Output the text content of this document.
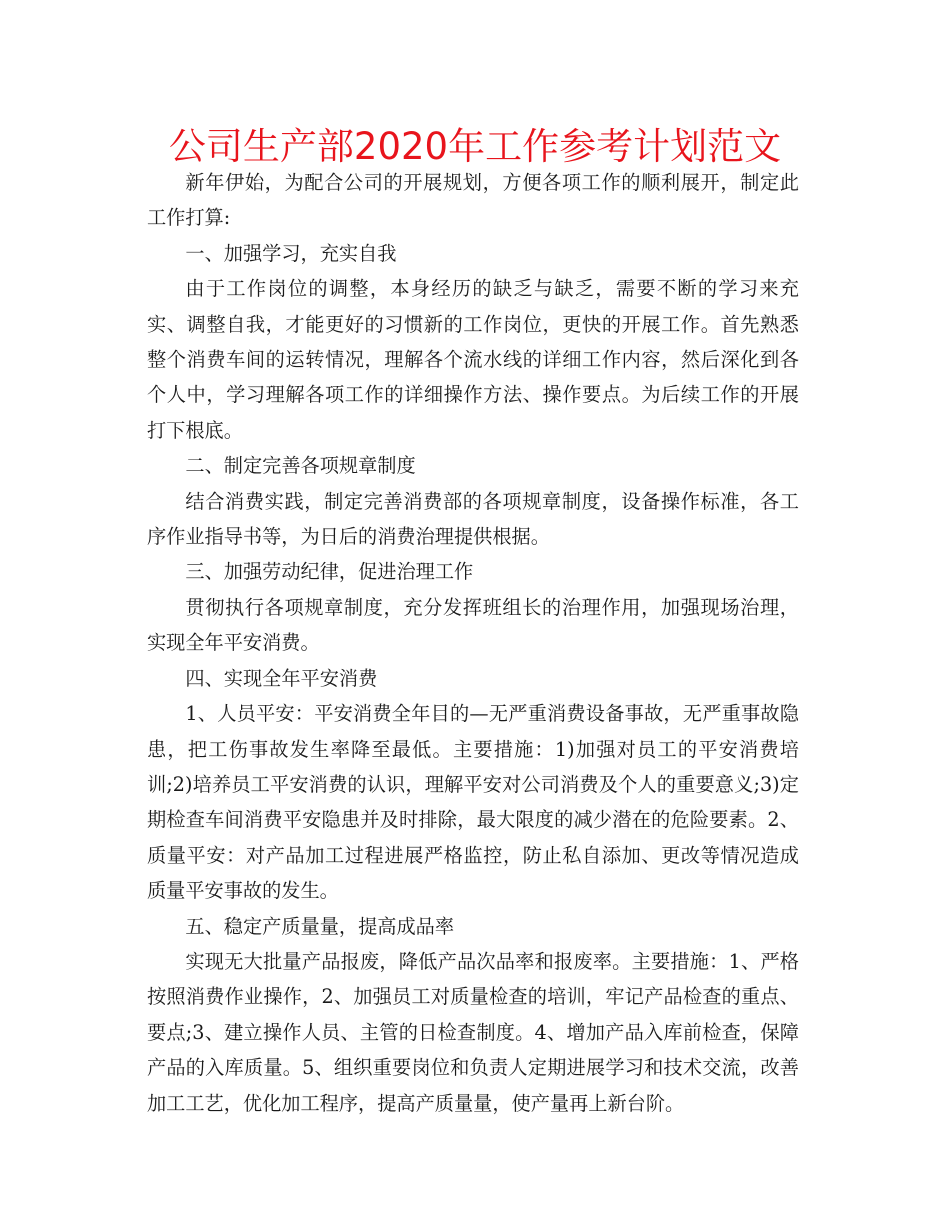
公司生产部2020年工作参考计划范文

新年伊始，为配合公司的开展规划，方便各项工作的顺利展开，制定此工作打算:

一、加强学习，充实自我

由于工作岗位的调整，本身经历的缺乏与缺乏，需要不断的学习来充实、调整自我，才能更好的习惯新的工作岗位，更快的开展工作。首先熟悉整个消费车间的运转情况，理解各个流水线的详细工作内容，然后深化到各个人中，学习理解各项工作的详细操作方法、操作要点。为后续工作的开展打下根底。

二、制定完善各项规章制度

结合消费实践，制定完善消费部的各项规章制度，设备操作标准，各工序作业指导书等，为日后的消费治理提供根据。

三、加强劳动纪律，促进治理工作

贯彻执行各项规章制度，充分发挥班组长的治理作用，加强现场治理，实现全年平安消费。

四、实现全年平安消费

1、人员平安：平安消费全年目的—无严重消费设备事故，无严重事故隐患，把工伤事故发生率降至最低。主要措施：1)加强对员工的平安消费培训;2)培养员工平安消费的认识，理解平安对公司消费及个人的重要意义;3)定期检查车间消费平安隐患并及时排除，最大限度的减少潜在的危险要素。2、质量平安：对产品加工过程进展严格监控，防止私自添加、更改等情况造成质量平安事故的发生。

五、稳定产质量量，提高成品率

实现无大批量产品报废，降低产品次品率和报废率。主要措施：1、严格按照消费作业操作，2、加强员工对质量检查的培训，牢记产品检查的重点、要点;3、建立操作人员、主管的日检查制度。4、增加产品入库前检查，保障产品的入库质量。5、组织重要岗位和负责人定期进展学习和技术交流，改善加工工艺，优化加工程序，提高产质量量，使产量再上新台阶。
